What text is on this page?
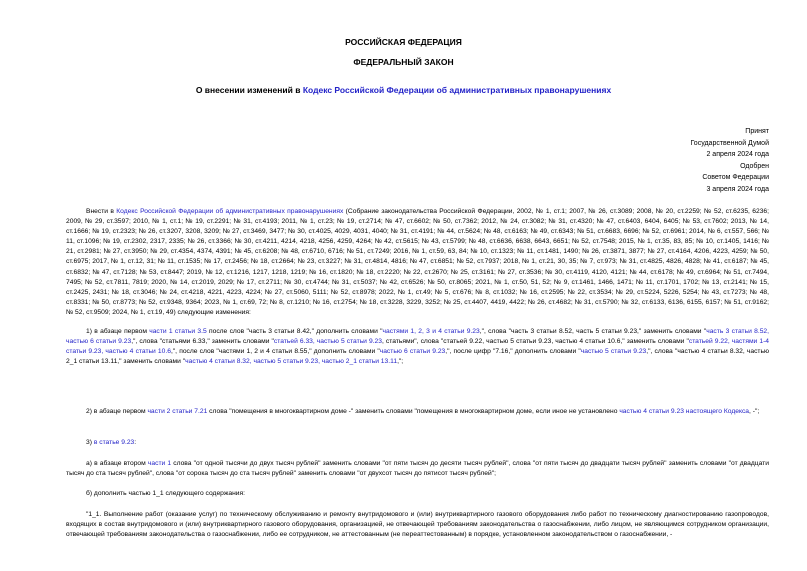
РОССИЙСКАЯ ФЕДЕРАЦИЯ
ФЕДЕРАЛЬНЫЙ ЗАКОН
О внесении изменений в Кодекс Российской Федерации об административных правонарушениях
Принят
Государственной Думой
2 апреля 2024 года
Одобрен
Советом Федерации
3 апреля 2024 года

Внести в Кодекс Российской Федерации об административных правонарушениях (Собрание законодательства Российской Федерации, 2002, № 1, ст.1; 2007, № 26, ст.3089; 2008, № 20, ст.2259; № 52, ст.6235, 6236; 2009, № 29, ст.3597; 2010, № 1, ст.1; № 19, ст.2291; № 31, ст.4193; 2011, № 1, ст.23; № 19, ст.2714; № 47, ст.6602; № 50, ст.7362; 2012, № 24, ст.3082; № 31, ст.4320; № 47, ст.6403, 6404, 6405; № 53, ст.7602; 2013, № 14, ст.1666; № 19, ст.2323; № 26, ст.3207, 3208, 3209; № 27, ст.3469, 3477; № 30, ст.4025, 4029, 4031, 4040; № 31, ст.4191; № 44, ст.5624; № 48, ст.6163; № 49, ст.6343; № 51, ст.6683, 6696; № 52, ст.6961; 2014, № 6, ст.557, 566; № 11, ст.1096; № 19, ст.2302, 2317, 2335; № 26, ст.3366; № 30, ст.4211, 4214, 4218, 4256, 4259, 4264; № 42, ст.5615; № 43, ст.5799; № 48, ст.6636, 6638, 6643, 6651; № 52, ст.7548; 2015, № 1, ст.35, 83, 85; № 10, ст.1405, 1416; № 21, ст.2981; № 27, ст.3950; № 29, ст.4354, 4374, 4391; № 45, ст.6208; № 48, ст.6710, 6716; № 51, ст.7249; 2016, № 1, ст.59, 63, 84; № 10, ст.1323; № 11, ст.1481, 1490; № 26, ст.3871, 3877; № 27, ст.4164, 4206, 4223, 4259; № 50, ст.6975; 2017, № 1, ст.12, 31; № 11, ст.1535; № 17, ст.2456; № 18, ст.2664; № 23, ст.3227; № 31, ст.4814, 4816; № 47, ст.6851; № 52, ст.7937; 2018, № 1, ст.21, 30, 35; № 7, ст.973; № 31, ст.4825, 4826, 4828; № 41, ст.6187; № 45, ст.6832; № 47, ст.7128; № 53, ст.8447; 2019, № 12, ст.1216, 1217, 1218, 1219; № 16, ст.1820; № 18, ст.2220; № 22, ст.2670; № 25, ст.3161; № 27, ст.3536; № 30, ст.4119, 4120, 4121; № 44, ст.6178; № 49, ст.6964; № 51, ст.7494, 7495; № 52, ст.7811, 7819; 2020, № 14, ст.2019, 2029; № 17, ст.2711; № 30, ст.4744; № 31, ст.5037; № 42, ст.6526; № 50, ст.8065; 2021, № 1, ст.50, 51, 52; № 9, ст.1461, 1466, 1471; № 11, ст.1701, 1702; № 13, ст.2141; № 15, ст.2425, 2431; № 18, ст.3046; № 24, ст.4218, 4221, 4223, 4224; № 27, ст.5060, 5111; № 52, ст.8978; 2022, № 1, ст.49; № 5, ст.676; № 8, ст.1032; № 16, ст.2595; № 22, ст.3534; № 29, ст.5224, 5226, 5254; № 43, ст.7273; № 48, ст.8331; № 50, ст.8773; № 52, ст.9348, 9364; 2023, № 1, ст.69, 72; № 8, ст.1210; № 16, ст.2754; № 18, ст.3228, 3229, 3252; № 25, ст.4407, 4419, 4422; № 26, ст.4682; № 31, ст.5790; № 32, ст.6133, 6136, 6155, 6157; № 51, ст.9162; № 52, ст.9509; 2024, № 1, ст.19, 49) следующие изменения:

1) в абзаце первом части 1 статьи 3.5 после слов "часть 3 статьи 8.42," дополнить словами "частями 1, 2, 3 и 4 статьи 9.23,", слова "часть 3 статьи 8.52, часть 5 статьи 9.23," заменить словами "часть 3 статьи 8.52, частью 6 статьи 9.23,", слова "статьями 6.33," заменить словами "статьей 6.33, частью 5 статьи 9.23, статьями", слова "статьей 9.22, частью 5 статьи 9.23, частью 4 статьи 10.6," заменить словами "статьей 9.22, частями 1-4 статьи 9.23, частью 4 статьи 10.6,", после слов "частями 1, 2 и 4 статьи 8.55," дополнить словами "частью 6 статьи 9.23,", после цифр "7.16," дополнить словами "частью 5 статьи 9.23,", слова "частью 4 статьи 8.32, частью 2_1 статьи 13.11," заменить словами "частью 4 статьи 8.32, частью 5 статьи 9.23, частью 2_1 статьи 13.11,";

2) в абзаце первом части 2 статьи 7.21 слова "помещения в многоквартирном доме -" заменить словами "помещения в многоквартирном доме, если иное не установлено частью 4 статьи 9.23 настоящего Кодекса, -";

3) в статье 9.23:

а) в абзаце втором части 1 слова "от одной тысячи до двух тысяч рублей" заменить словами "от пяти тысяч до десяти тысяч рублей", слова "от пяти тысяч до двадцати тысяч рублей" заменить словами "от двадцати тысяч до ста тысяч рублей", слова "от сорока тысяч до ста тысяч рублей" заменить словами "от двухсот тысяч до пятисот тысяч рублей";

б) дополнить частью 1_1 следующего содержания:

"1_1. Выполнение работ (оказание услуг) по техническому обслуживанию и ремонту внутридомового и (или) внутриквартирного газового оборудования либо работ по техническому диагностированию газопроводов, входящих в состав внутридомового и (или) внутриквартирного газового оборудования, организацией, не отвечающей требованиям законодательства о газоснабжении, либо лицом, не являющимся сотрудником организации, отвечающей требованиям законодательства о газоснабжении, либо ее сотрудником, не аттестованным (не переаттестованным) в порядке, установленном законодательством о газоснабжении, -
